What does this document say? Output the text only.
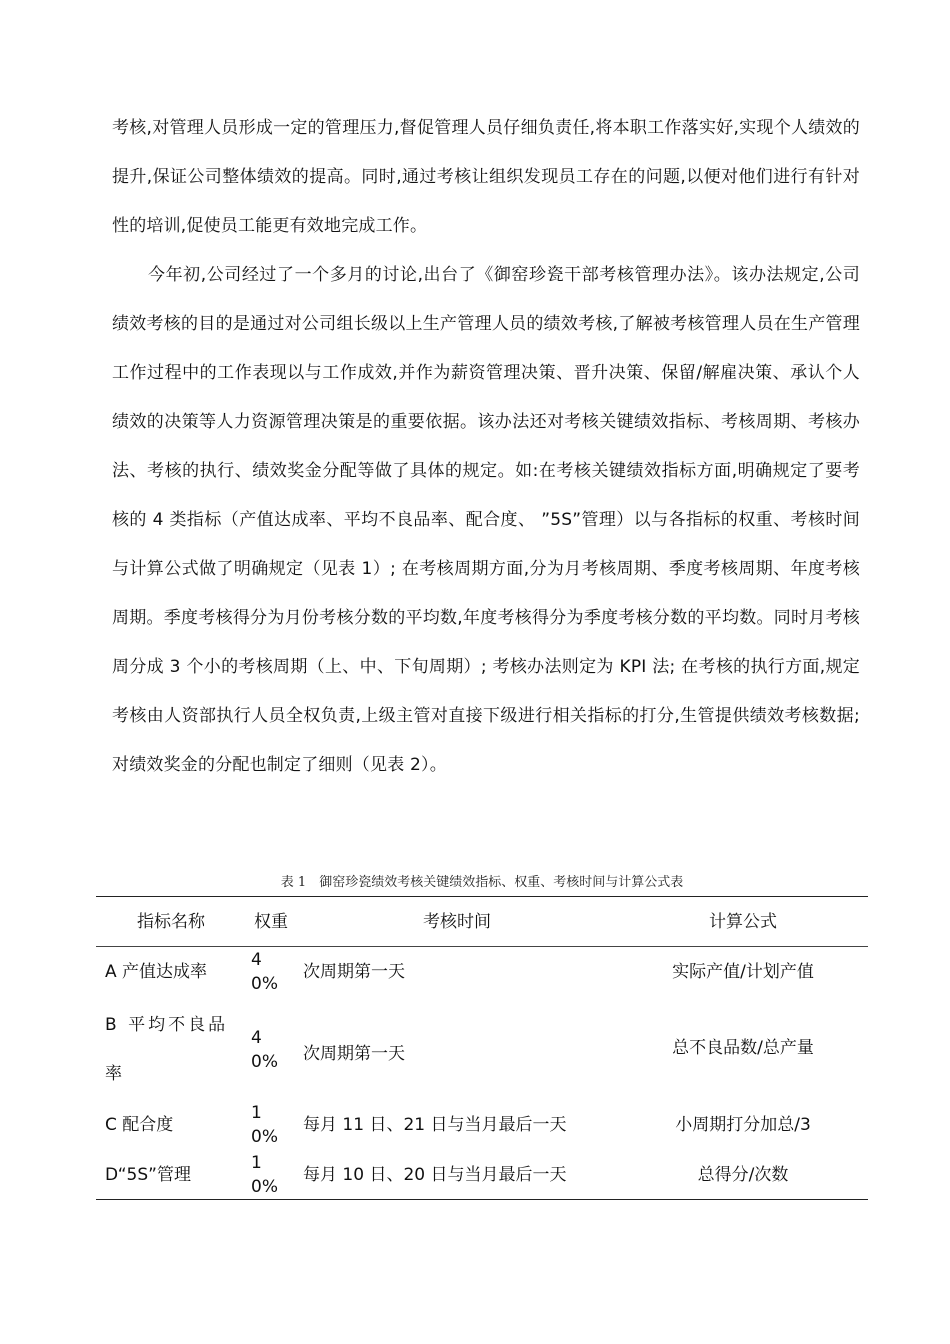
考核,对管理人员形成一定的管理压力,督促管理人员仔细负责任,将本职工作落实好,实现个人绩效的提升,保证公司整体绩效的提高。同时,通过考核让组织发现员工存在的问题,以便对他们进行有针对性的培训,促使员工能更有效地完成工作。

今年初,公司经过了一个多月的讨论,出台了《御窑珍瓷干部考核管理办法》。该办法规定,公司绩效考核的目的是通过对公司组长级以上生产管理人员的绩效考核,了解被考核管理人员在生产管理工作过程中的工作表现以与工作成效,并作为薪资管理决策、晋升决策、保留/解雇决策、承认个人绩效的决策等人力资源管理决策是的重要依据。该办法还对考核关键绩效指标、考核周期、考核办法、考核的执行、绩效奖金分配等做了具体的规定。如:在考核关键绩效指标方面,明确规定了要考核的 4 类指标（产值达成率、平均不良品率、配合度、 ”5S”管理）以与各指标的权重、考核时间与计算公式做了明确规定（见表 1）; 在考核周期方面,分为月考核周期、季度考核周期、年度考核周期。季度考核得分为月份考核分数的平均数,年度考核得分为季度考核分数的平均数。同时月考核周分成 3 个小的考核周期（上、中、下旬周期）; 考核办法则定为 KPI 法; 在考核的执行方面,规定考核由人资部执行人员全权负责,上级主管对直接下级进行相关指标的打分,生管提供绩效考核数据; 对绩效奖金的分配也制定了细则（见表 2）。

表 1　御窑珍瓷绩效考核关键绩效指标、权重、考核时间与计算公式表
指标名称	权重	考核时间	计算公式
A 产值达成率	40%	次周期第一天	实际产值/计划产值

B 平均不良品率	40%	次周期第一天	总不良品数/总产量
C 配合度	10%	每月 11 日、21 日与当月最后一天	小周期打分加总/3
D“5S”管理	10%	每月 10 日、20 日与当月最后一天	总得分/次数
